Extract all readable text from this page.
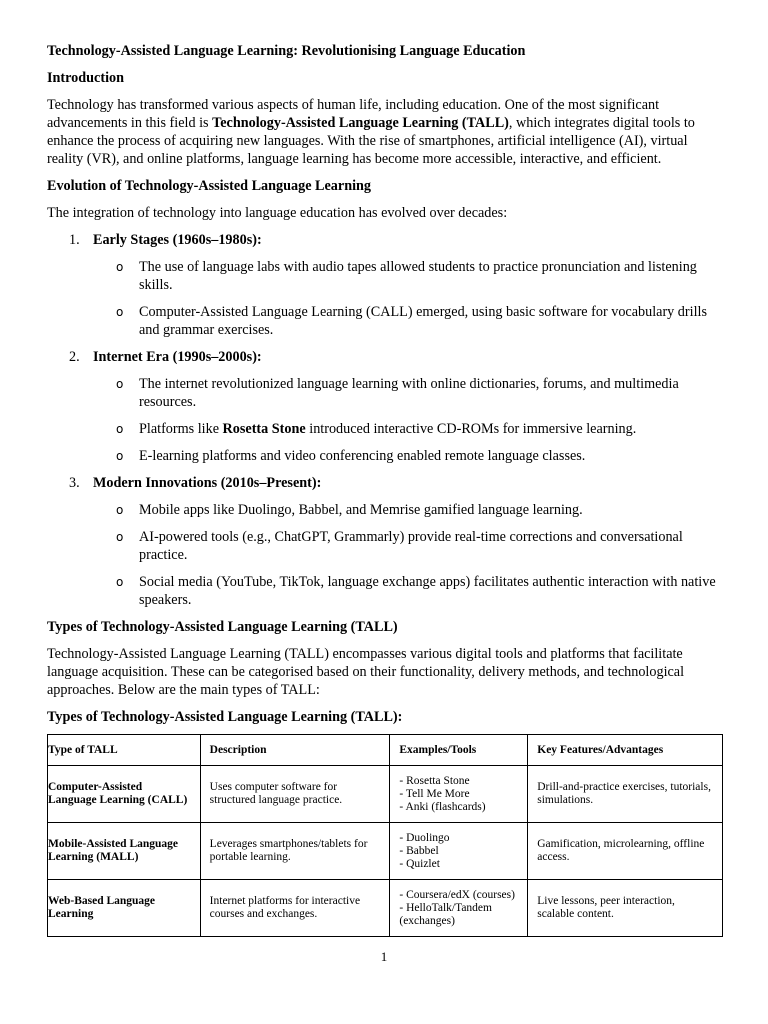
Technology-Assisted Language Learning: Revolutionising Language Education

Introduction

Technology has transformed various aspects of human life, including education. One of the most significant advancements in this field is Technology-Assisted Language Learning (TALL), which integrates digital tools to enhance the process of acquiring new languages. With the rise of smartphones, artificial intelligence (AI), virtual reality (VR), and online platforms, language learning has become more accessible, interactive, and efficient.

Evolution of Technology-Assisted Language Learning

The integration of technology into language education has evolved over decades:

1. Early Stages (1960s–1980s):
o The use of language labs with audio tapes allowed students to practice pronunciation and listening skills.
o Computer-Assisted Language Learning (CALL) emerged, using basic software for vocabulary drills and grammar exercises.
2. Internet Era (1990s–2000s):
o The internet revolutionized language learning with online dictionaries, forums, and multimedia resources.
o Platforms like Rosetta Stone introduced interactive CD-ROMs for immersive learning.
o E-learning platforms and video conferencing enabled remote language classes.
3. Modern Innovations (2010s–Present):
o Mobile apps like Duolingo, Babbel, and Memrise gamified language learning.
o AI-powered tools (e.g., ChatGPT, Grammarly) provide real-time corrections and conversational practice.
o Social media (YouTube, TikTok, language exchange apps) facilitates authentic interaction with native speakers.

Types of Technology-Assisted Language Learning (TALL)

Technology-Assisted Language Learning (TALL) encompasses various digital tools and platforms that facilitate language acquisition. These can be categorised based on their functionality, delivery methods, and technological approaches. Below are the main types of TALL:

Types of Technology-Assisted Language Learning (TALL):

Type of TALL	Description	Examples/Tools	Key Features/Advantages
Computer-Assisted Language Learning (CALL)	Uses computer software for structured language practice.	- Rosetta Stone
- Tell Me More
- Anki (flashcards)	Drill-and-practice exercises, tutorials, simulations.
Mobile-Assisted Language Learning (MALL)	Leverages smartphones/tablets for portable learning.	- Duolingo
- Babbel
- Quizlet	Gamification, microlearning, offline access.
Web-Based Language Learning	Internet platforms for interactive courses and exchanges.	- Coursera/edX (courses)
- HelloTalk/Tandem (exchanges)	Live lessons, peer interaction, scalable content.
1
